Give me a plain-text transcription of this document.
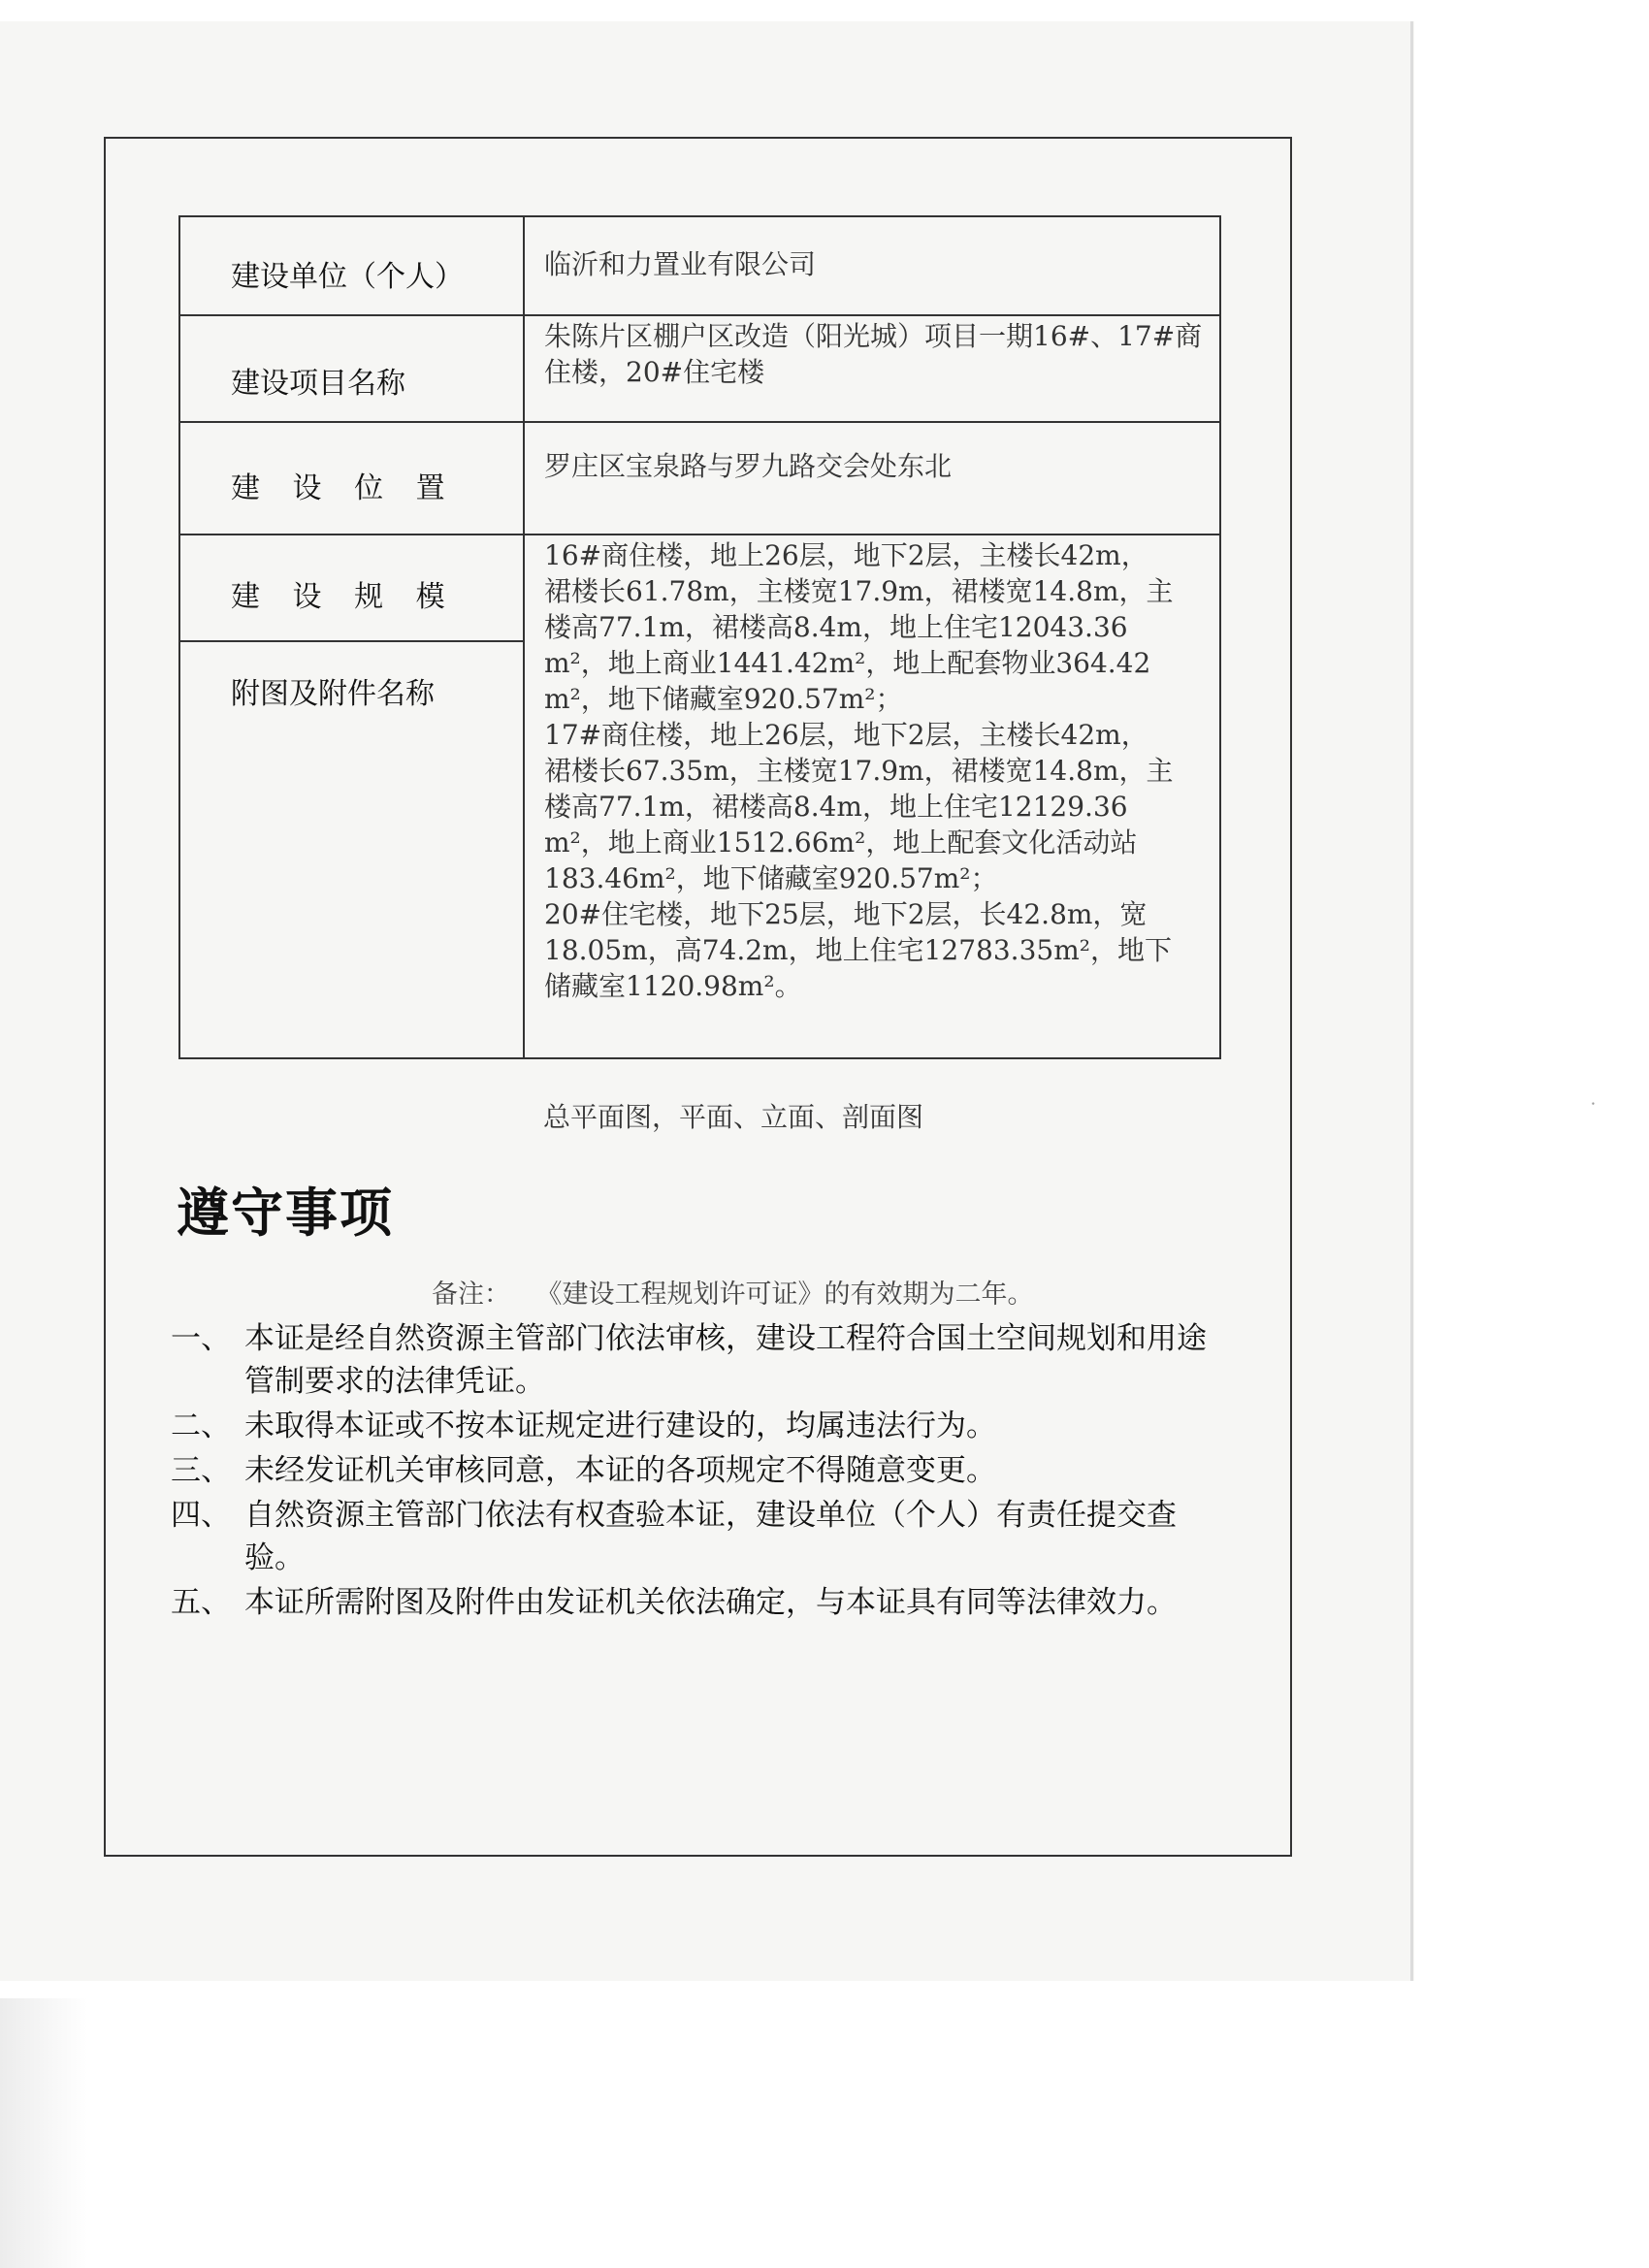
⸱
建设单位（个人）	临沂和力置业有限公司
建设项目名称
朱陈片区棚户区改造（阳光城）项目一期16#、17#商住楼，20#住宅楼
建 设 位 置
罗庄区宝泉路与罗九路交会处东北
建 设 规 模
附图及附件名称
16#商住楼，地上26层，地下2层，主楼长42m，
裙楼长61.78m，主楼宽17.9m，裙楼宽14.8m，主
楼高77.1m，裙楼高8.4m，地上住宅12043.36
m²，地上商业1441.42m²，地上配套物业364.42
m²，地下储藏室920.57m²；
17#商住楼，地上26层，地下2层，主楼长42m，
裙楼长67.35m，主楼宽17.9m，裙楼宽14.8m，主
楼高77.1m，裙楼高8.4m，地上住宅12129.36
m²，地上商业1512.66m²，地上配套文化活动站
183.46m²，地下储藏室920.57m²；
20#住宅楼，地下25层，地下2层，长42.8m，宽
18.05m，高74.2m，地上住宅12783.35m²，地下
储藏室1120.98m²。
总平面图，平面、立面、剖面图
遵守事项
备注： 《建设工程规划许可证》的有效期为二年。
一、 本证是经自然资源主管部门依法审核，建设工程符合国土空间规划和用途管制要求的法律凭证。
二、 未取得本证或不按本证规定进行建设的，均属违法行为。
三、 未经发证机关审核同意，本证的各项规定不得随意变更。
四、 自然资源主管部门依法有权查验本证，建设单位（个人）有责任提交查验。
五、 本证所需附图及附件由发证机关依法确定，与本证具有同等法律效力。
